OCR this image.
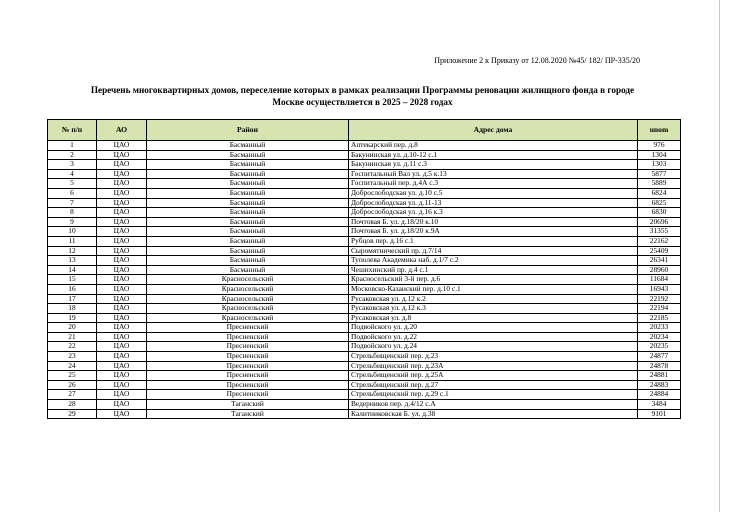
Приложение 2 к Приказу от 12.08.2020 №45/ 182/ ПР-335/20
Перечень многоквартирных домов, переселение которых в рамках реализации Программы реновации жилищного фонда в городе
Москве осуществляется в 2025 – 2028 годах
№ п/п	АО	Район	Адрес дома	unom
1	ЦАО	Басманный	Аптекарский пер. д.8	976
2	ЦАО	Басманный	Бакунинская ул. д.10-12 с.1	1304
3	ЦАО	Басманный	Бакунинская ул. д.11 с.3	1303
4	ЦАО	Басманный	Госпитальный Вал ул. д.5 к.13	5877
5	ЦАО	Басманный	Госпитальный пер. д.4А с.3	5889
6	ЦАО	Басманный	Доброслободская ул. д.10 с.5	6824
7	ЦАО	Басманный	Доброслободская ул. д.11-13	6825
8	ЦАО	Басманный	Доброслободская ул. д.16 к.3	6830
9	ЦАО	Басманный	Почтовая Б. ул. д.18/20 к.10	20696
10	ЦАО	Басманный	Почтовая Б. ул. д.18/20 к.9А	31355
11	ЦАО	Басманный	Рубцов пер. д.16 с.1	22162
12	ЦАО	Басманный	Сыромятнический пр. д.7/14	25409
13	ЦАО	Басманный	Туполева Академика наб. д.1/7 с.2	26341
14	ЦАО	Басманный	Чешихинский пр. д.4 с.1	28960
15	ЦАО	Красносельский	Красносельский 3-й пер. д.6	11684
16	ЦАО	Красносельский	Московско-Казанский пер. д.10 с.1	16943
17	ЦАО	Красносельский	Русаковская ул. д.12 к.2	22192
18	ЦАО	Красносельский	Русаковская ул. д.12 к.3	22194
19	ЦАО	Красносельский	Русаковская ул. д.8	22185
20	ЦАО	Пресненский	Подвойского ул. д.20	20233
21	ЦАО	Пресненский	Подвойского ул. д.22	20234
22	ЦАО	Пресненский	Подвойского ул. д.24	20235
23	ЦАО	Пресненский	Стрельбищенский пер. д.23	24877
24	ЦАО	Пресненский	Стрельбищенский пер. д.23А	24878
25	ЦАО	Пресненский	Стрельбищенский пер. д.25А	24881
26	ЦАО	Пресненский	Стрельбищенский пер. д.27	24883
27	ЦАО	Пресненский	Стрельбищенский пер. д.29 с.1	24884
28	ЦАО	Таганский	Ведерников пер. д.4/12 с.А	3484
29	ЦАО	Таганский	Калитниковская Б. ул. д.38	9101
